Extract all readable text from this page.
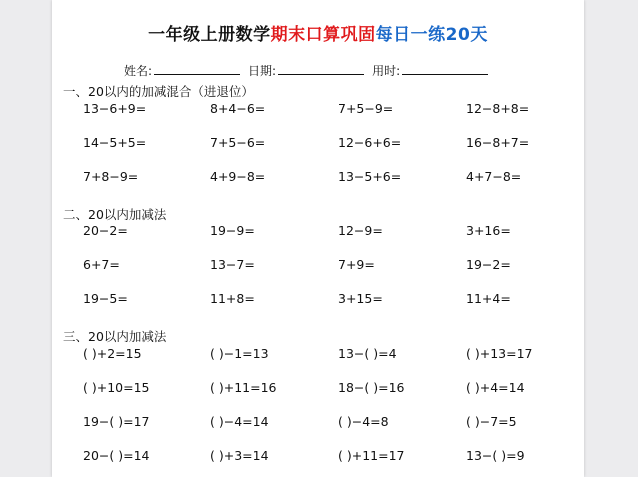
一年级上册数学期末口算巩固每日一练20天
姓名:	日期:	用时:
一、20以内的加减混合（进退位）
13−6+9=	8+4−6=	7+5−9=	12−8+8=
14−5+5=	7+5−6=	12−6+6=	16−8+7=
7+8−9=	4+9−8=	13−5+6=	4+7−8=
二、20以内加减法
20−2=	19−9=	12−9=	3+16=
6+7=	13−7=	7+9=	19−2=
19−5=	11+8=	3+15=	11+4=
三、20以内加减法
( )+2=15	( )−1=13	13−( )=4	( )+13=17
( )+10=15	( )+11=16	18−( )=16	( )+4=14
19−( )=17	( )−4=14	( )−4=8	( )−7=5
20−( )=14	( )+3=14	( )+11=17	13−( )=9
